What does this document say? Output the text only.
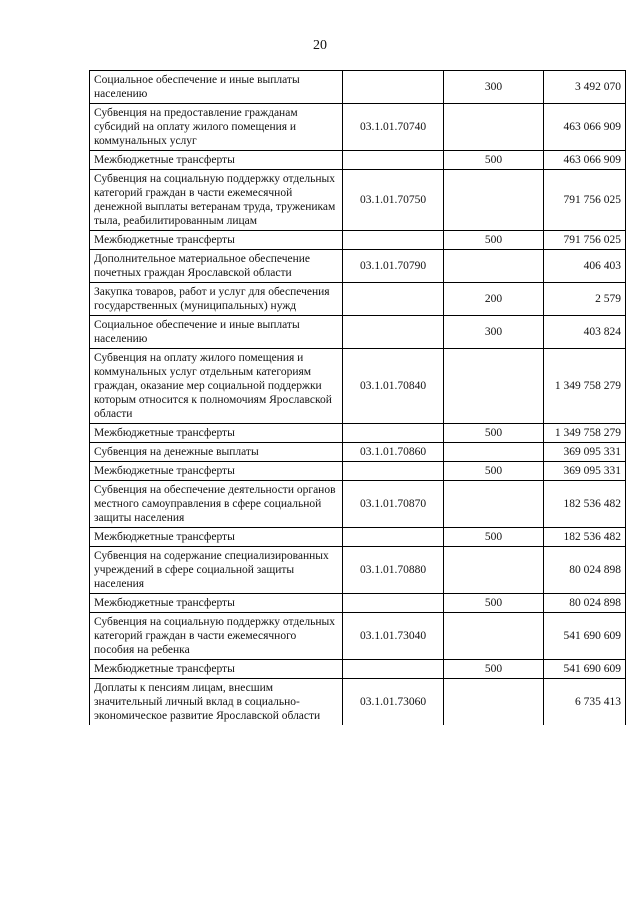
20
Социальное обеспечение и иные выплаты населению		300	3 492 070
Субвенция на предоставление гражданам субсидий на оплату жилого помещения и коммунальных услуг	03.1.01.70740		463 066 909
Межбюджетные трансферты		500	463 066 909
Субвенция на социальную поддержку отдельных категорий граждан в части ежемесячной денежной выплаты ветеранам труда, труженикам тыла, реабилитированным лицам	03.1.01.70750		791 756 025
Межбюджетные трансферты		500	791 756 025
Дополнительное материальное обеспечение почетных граждан Ярославской области	03.1.01.70790		406 403
Закупка товаров, работ и услуг для обеспечения государственных (муниципальных) нужд		200	2 579
Социальное обеспечение и иные выплаты населению		300	403 824
Субвенция на оплату жилого помещения и коммунальных услуг отдельным категориям граждан, оказание мер социальной поддержки которым относится к полномочиям Ярославской области	03.1.01.70840		1 349 758 279
Межбюджетные трансферты		500	1 349 758 279
Субвенция на денежные выплаты	03.1.01.70860		369 095 331
Межбюджетные трансферты		500	369 095 331
Субвенция на обеспечение деятельности органов местного самоуправления в сфере социальной защиты населения	03.1.01.70870		182 536 482
Межбюджетные трансферты		500	182 536 482
Субвенция на содержание специализированных учреждений в сфере социальной защиты населения	03.1.01.70880		80 024 898
Межбюджетные трансферты		500	80 024 898
Субвенция на социальную поддержку отдельных категорий граждан в части ежемесячного пособия на ребенка	03.1.01.73040		541 690 609
Межбюджетные трансферты		500	541 690 609
Доплаты к пенсиям лицам, внесшим значительный личный вклад в социально-экономическое развитие Ярославской области	03.1.01.73060		6 735 413
